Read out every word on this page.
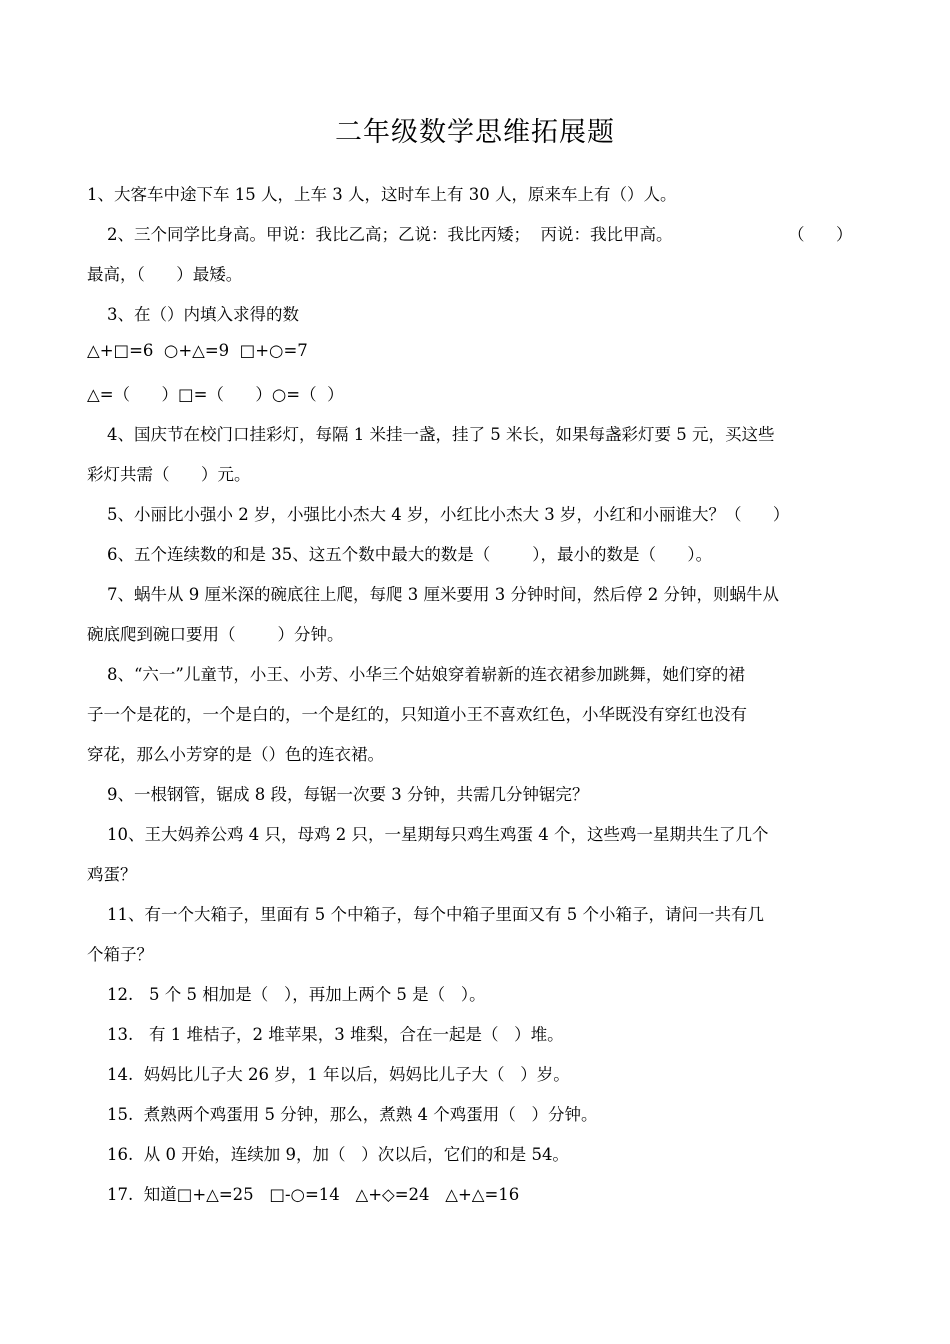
二年级数学思维拓展题
1、大客车中途下车 15 人，上车 3 人，这时车上有 30 人，原来车上有（）人。
2、三个同学比身高。甲说：我比乙高；乙说：我比丙矮；  丙说：我比甲高。	（      ）
最高，（      ）最矮。
3、在（）内填入求得的数
△+□=6  ○+△=9  □+○=7
△=（      ）□=（      ）○=（  ）
4、国庆节在校门口挂彩灯，每隔 1 米挂一盏，挂了 5 米长，如果每盏彩灯要 5 元，买这些
彩灯共需（      ）元。
5、小丽比小强小 2 岁，小强比小杰大 4 岁，小红比小杰大 3 岁，小红和小丽谁大？（      ）
6、五个连续数的和是 35、这五个数中最大的数是（        ），最小的数是（      ）。
7、蜗牛从 9 厘米深的碗底往上爬，每爬 3 厘米要用 3 分钟时间，然后停 2 分钟，则蜗牛从
碗底爬到碗口要用（        ）分钟。
8、“六一”儿童节，小王、小芳、小华三个姑娘穿着崭新的连衣裙参加跳舞，她们穿的裙
子一个是花的，一个是白的，一个是红的，只知道小王不喜欢红色，小华既没有穿红也没有
穿花，那么小芳穿的是（）色的连衣裙。
9、一根钢管，锯成 8 段，每锯一次要 3 分钟，共需几分钟锯完？
10、王大妈养公鸡 4 只，母鸡 2 只，一星期每只鸡生鸡蛋 4 个，这些鸡一星期共生了几个
鸡蛋？
11、有一个大箱子，里面有 5 个中箱子，每个中箱子里面又有 5 个小箱子，请问一共有几
个箱子？
12.   5 个 5 相加是（   ），再加上两个 5 是（   ）。
13.   有 1 堆桔子，2 堆苹果，3 堆梨，合在一起是（   ）堆。
14.  妈妈比儿子大 26 岁，1 年以后，妈妈比儿子大（   ）岁。
15.  煮熟两个鸡蛋用 5 分钟，那么，煮熟 4 个鸡蛋用（   ）分钟。
16.  从 0 开始，连续加 9，加（   ）次以后，它们的和是 54。
17.  知道□+△=25   □-○=14   △+◇=24   △+△=16
